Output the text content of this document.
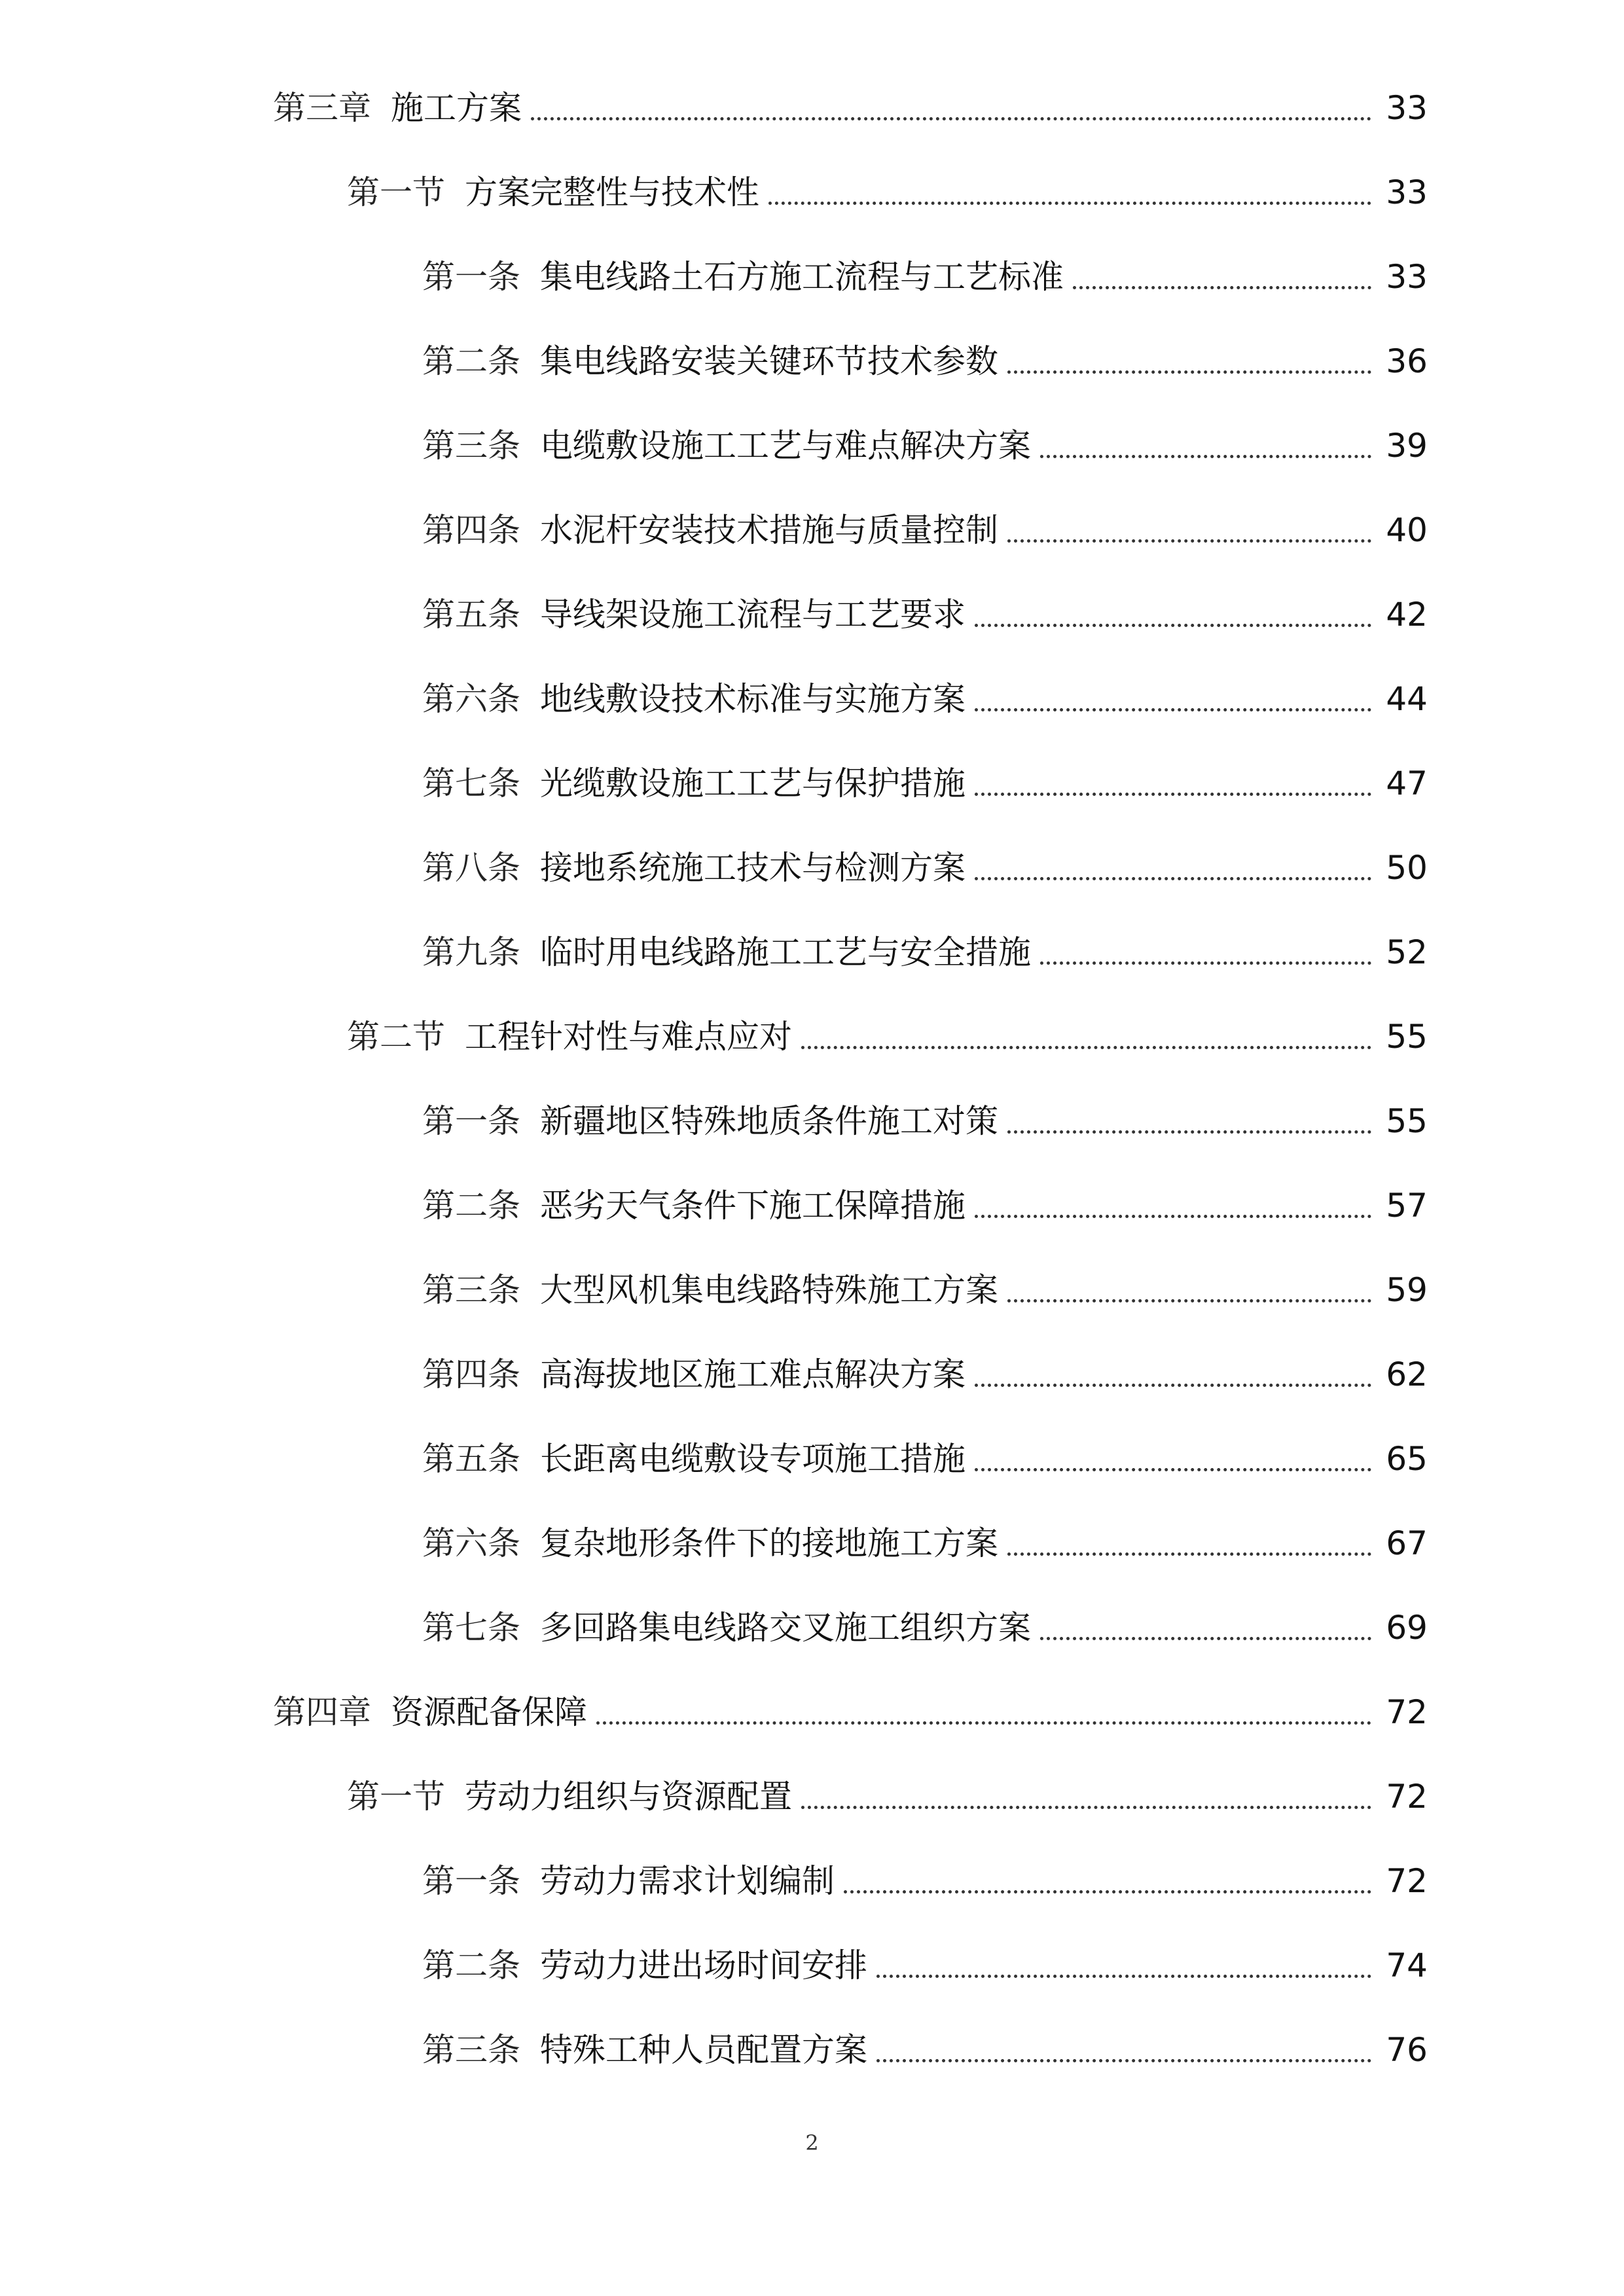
第三章 施工方案	33
第一节 方案完整性与技术性	33
第一条 集电线路土石方施工流程与工艺标准	33
第二条 集电线路安装关键环节技术参数	36
第三条 电缆敷设施工工艺与难点解决方案	39
第四条 水泥杆安装技术措施与质量控制	40
第五条 导线架设施工流程与工艺要求	42
第六条 地线敷设技术标准与实施方案	44
第七条 光缆敷设施工工艺与保护措施	47
第八条 接地系统施工技术与检测方案	50
第九条 临时用电线路施工工艺与安全措施	52
第二节 工程针对性与难点应对	55
第一条 新疆地区特殊地质条件施工对策	55
第二条 恶劣天气条件下施工保障措施	57
第三条 大型风机集电线路特殊施工方案	59
第四条 高海拔地区施工难点解决方案	62
第五条 长距离电缆敷设专项施工措施	65
第六条 复杂地形条件下的接地施工方案	67
第七条 多回路集电线路交叉施工组织方案	69
第四章 资源配备保障	72
第一节 劳动力组织与资源配置	72
第一条 劳动力需求计划编制	72
第二条 劳动力进出场时间安排	74
第三条 特殊工种人员配置方案	76
2
